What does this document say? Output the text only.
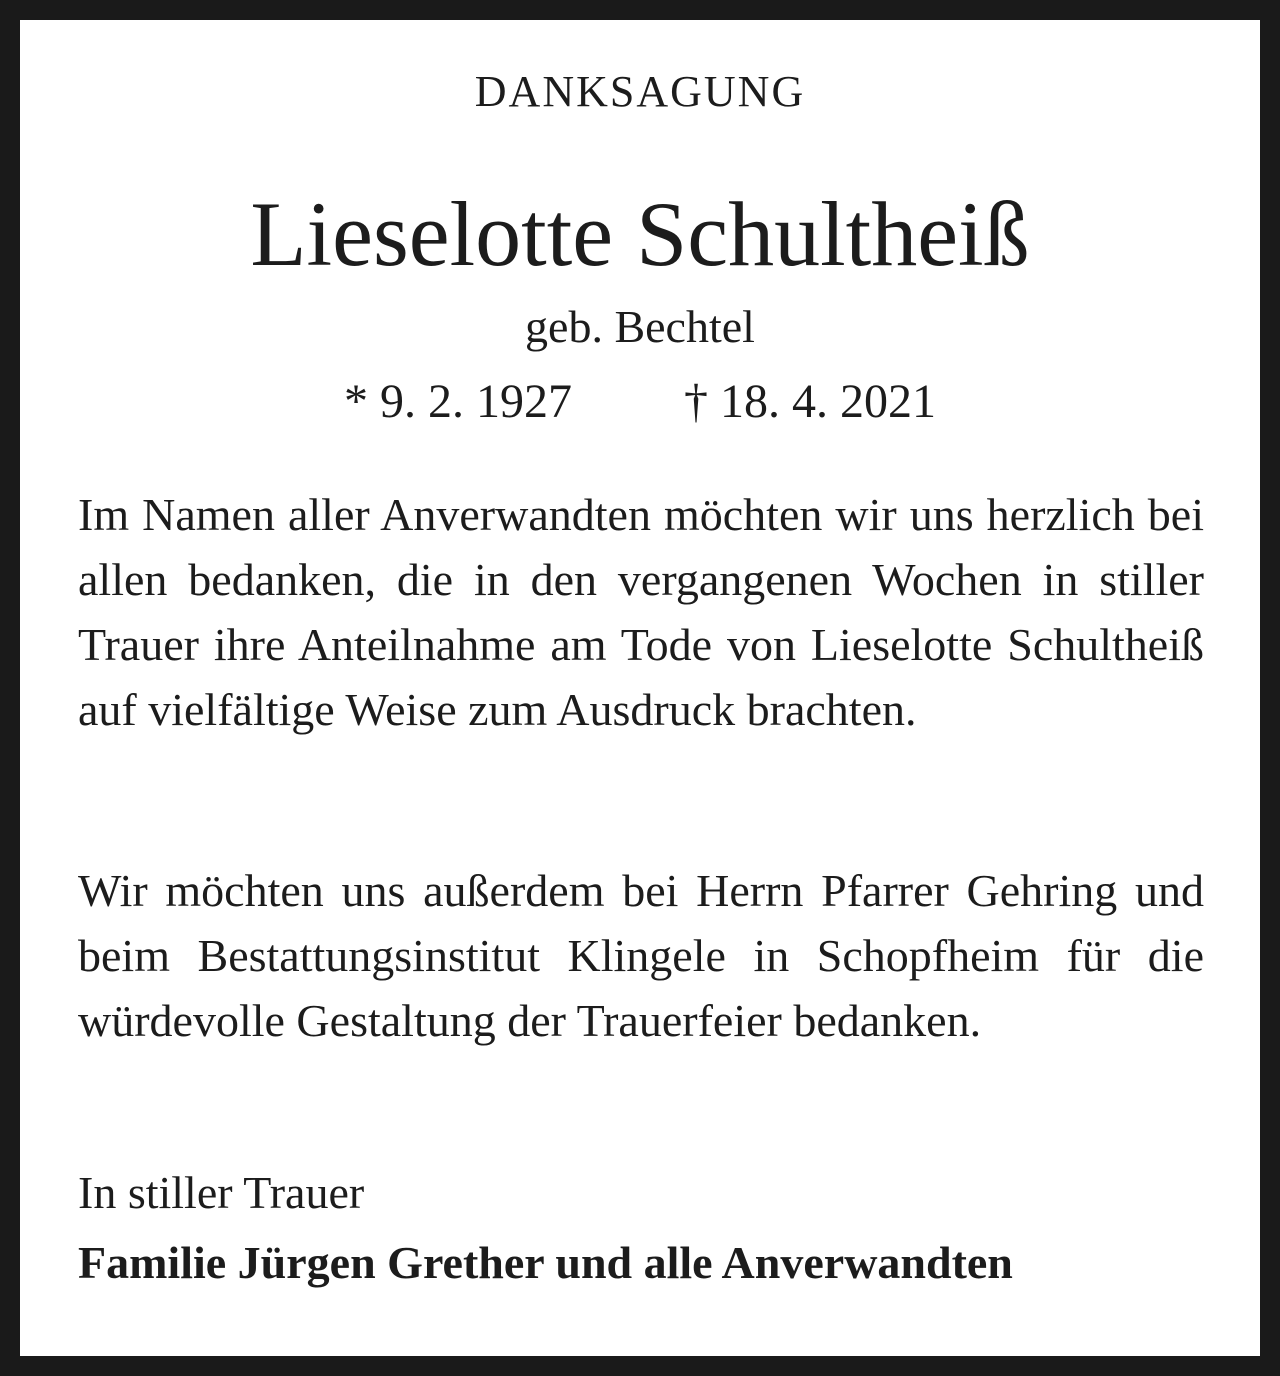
DANKSAGUNG
Lieselotte Schultheiß
geb. Bechtel
* 9. 2. 1927 † 18. 4. 2021

Im Namen aller Anverwandten möchten wir uns herzlich bei allen bedanken, die in den vergangenen Wochen in stiller Trauer ihre Anteilnahme am Tode von Lieselotte Schultheiß auf vielfältige Weise zum Ausdruck brachten.

Wir möchten uns außerdem bei Herrn Pfarrer Gehring und beim Bestattungsinstitut Klingele in Schopfheim für die würdevolle Gestaltung der Trauerfeier bedanken.

In stiller Trauer

Familie Jürgen Grether und alle Anverwandten
